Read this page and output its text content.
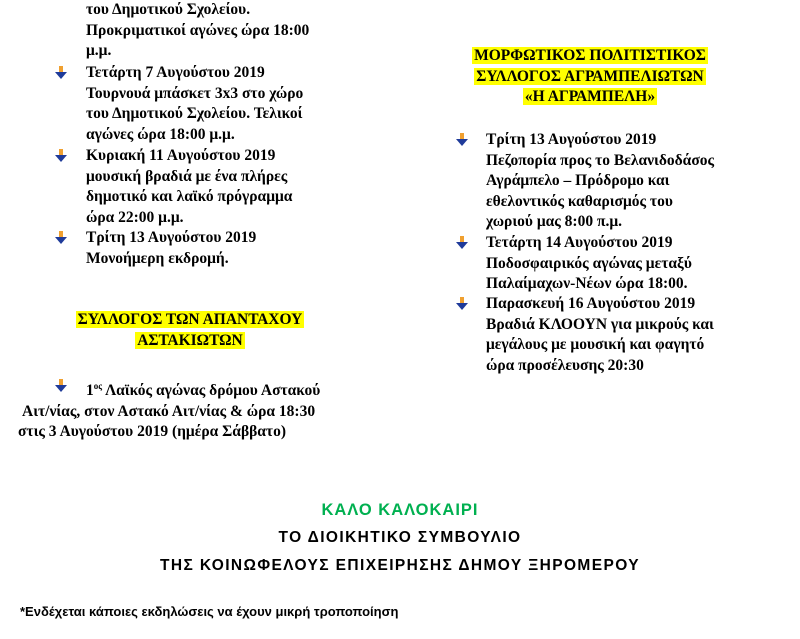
του Δημοτικού Σχολείου.
Προκριματικοί αγώνες ώρα 18:00
μ.μ.
Τετάρτη 7 Αυγούστου 2019
Τουρνουά μπάσκετ 3x3 στο χώρο
του Δημοτικού Σχολείου. Τελικοί
αγώνες ώρα 18:00 μ.μ.
Κυριακή 11 Αυγούστου 2019
μουσική βραδιά με ένα πλήρες
δημοτικό και λαϊκό πρόγραμμα
ώρα 22:00 μ.μ.
Τρίτη 13 Αυγούστου 2019
Μονοήμερη εκδρομή.
ΣΥΛΛΟΓΟΣ ΤΩΝ ΑΠΑΝΤΑΧΟΥ
ΑΣΤΑΚΙΩΤΩΝ
$1^{o\varsigma}$ Λαϊκός αγώνας δρόμου Αστακού
Αιτ/νίας, στον Αστακό Αιτ/νίας & ώρα 18:30
στις 3 Αυγούστου 2019 (ημέρα Σάββατο)
ΜΟΡΦΩΤΙΚΟΣ ΠΟΛΙΤΙΣΤΙΚΟΣ
ΣΥΛΛΟΓΟΣ ΑΓΡΑΜΠΕΛΙΩΤΩΝ
«Η ΑΓΡΑΜΠΕΛΗ»
Τρίτη 13 Αυγούστου 2019
Πεζοπορία προς το Βελανιδοδάσος
Αγράμπελο – Πρόδρομο και
εθελοντικός καθαρισμός του
χωριού μας 8:00 π.μ.
Τετάρτη 14 Αυγούστου 2019
Ποδοσφαιρικός αγώνας μεταξύ
Παλαίμαχων-Νέων ώρα 18:00.
Παρασκευή 16 Αυγούστου 2019
Βραδιά ΚΛΟΟΥΝ για μικρούς και
μεγάλους με μουσική και φαγητό
ώρα προσέλευσης 20:30
ΚΑΛΟ ΚΑΛΟΚΑΙΡΙ
ΤΟ ΔΙΟΙΚΗΤΙΚΟ ΣΥΜΒΟΥΛΙΟ
ΤΗΣ ΚΟΙΝΩΦΕΛΟΥΣ ΕΠΙΧΕΙΡΗΣΗΣ ΔΗΜΟΥ ΞΗΡΟΜΕΡΟΥ
*Ενδέχεται κάποιες εκδηλώσεις να έχουν μικρή τροποποίηση
